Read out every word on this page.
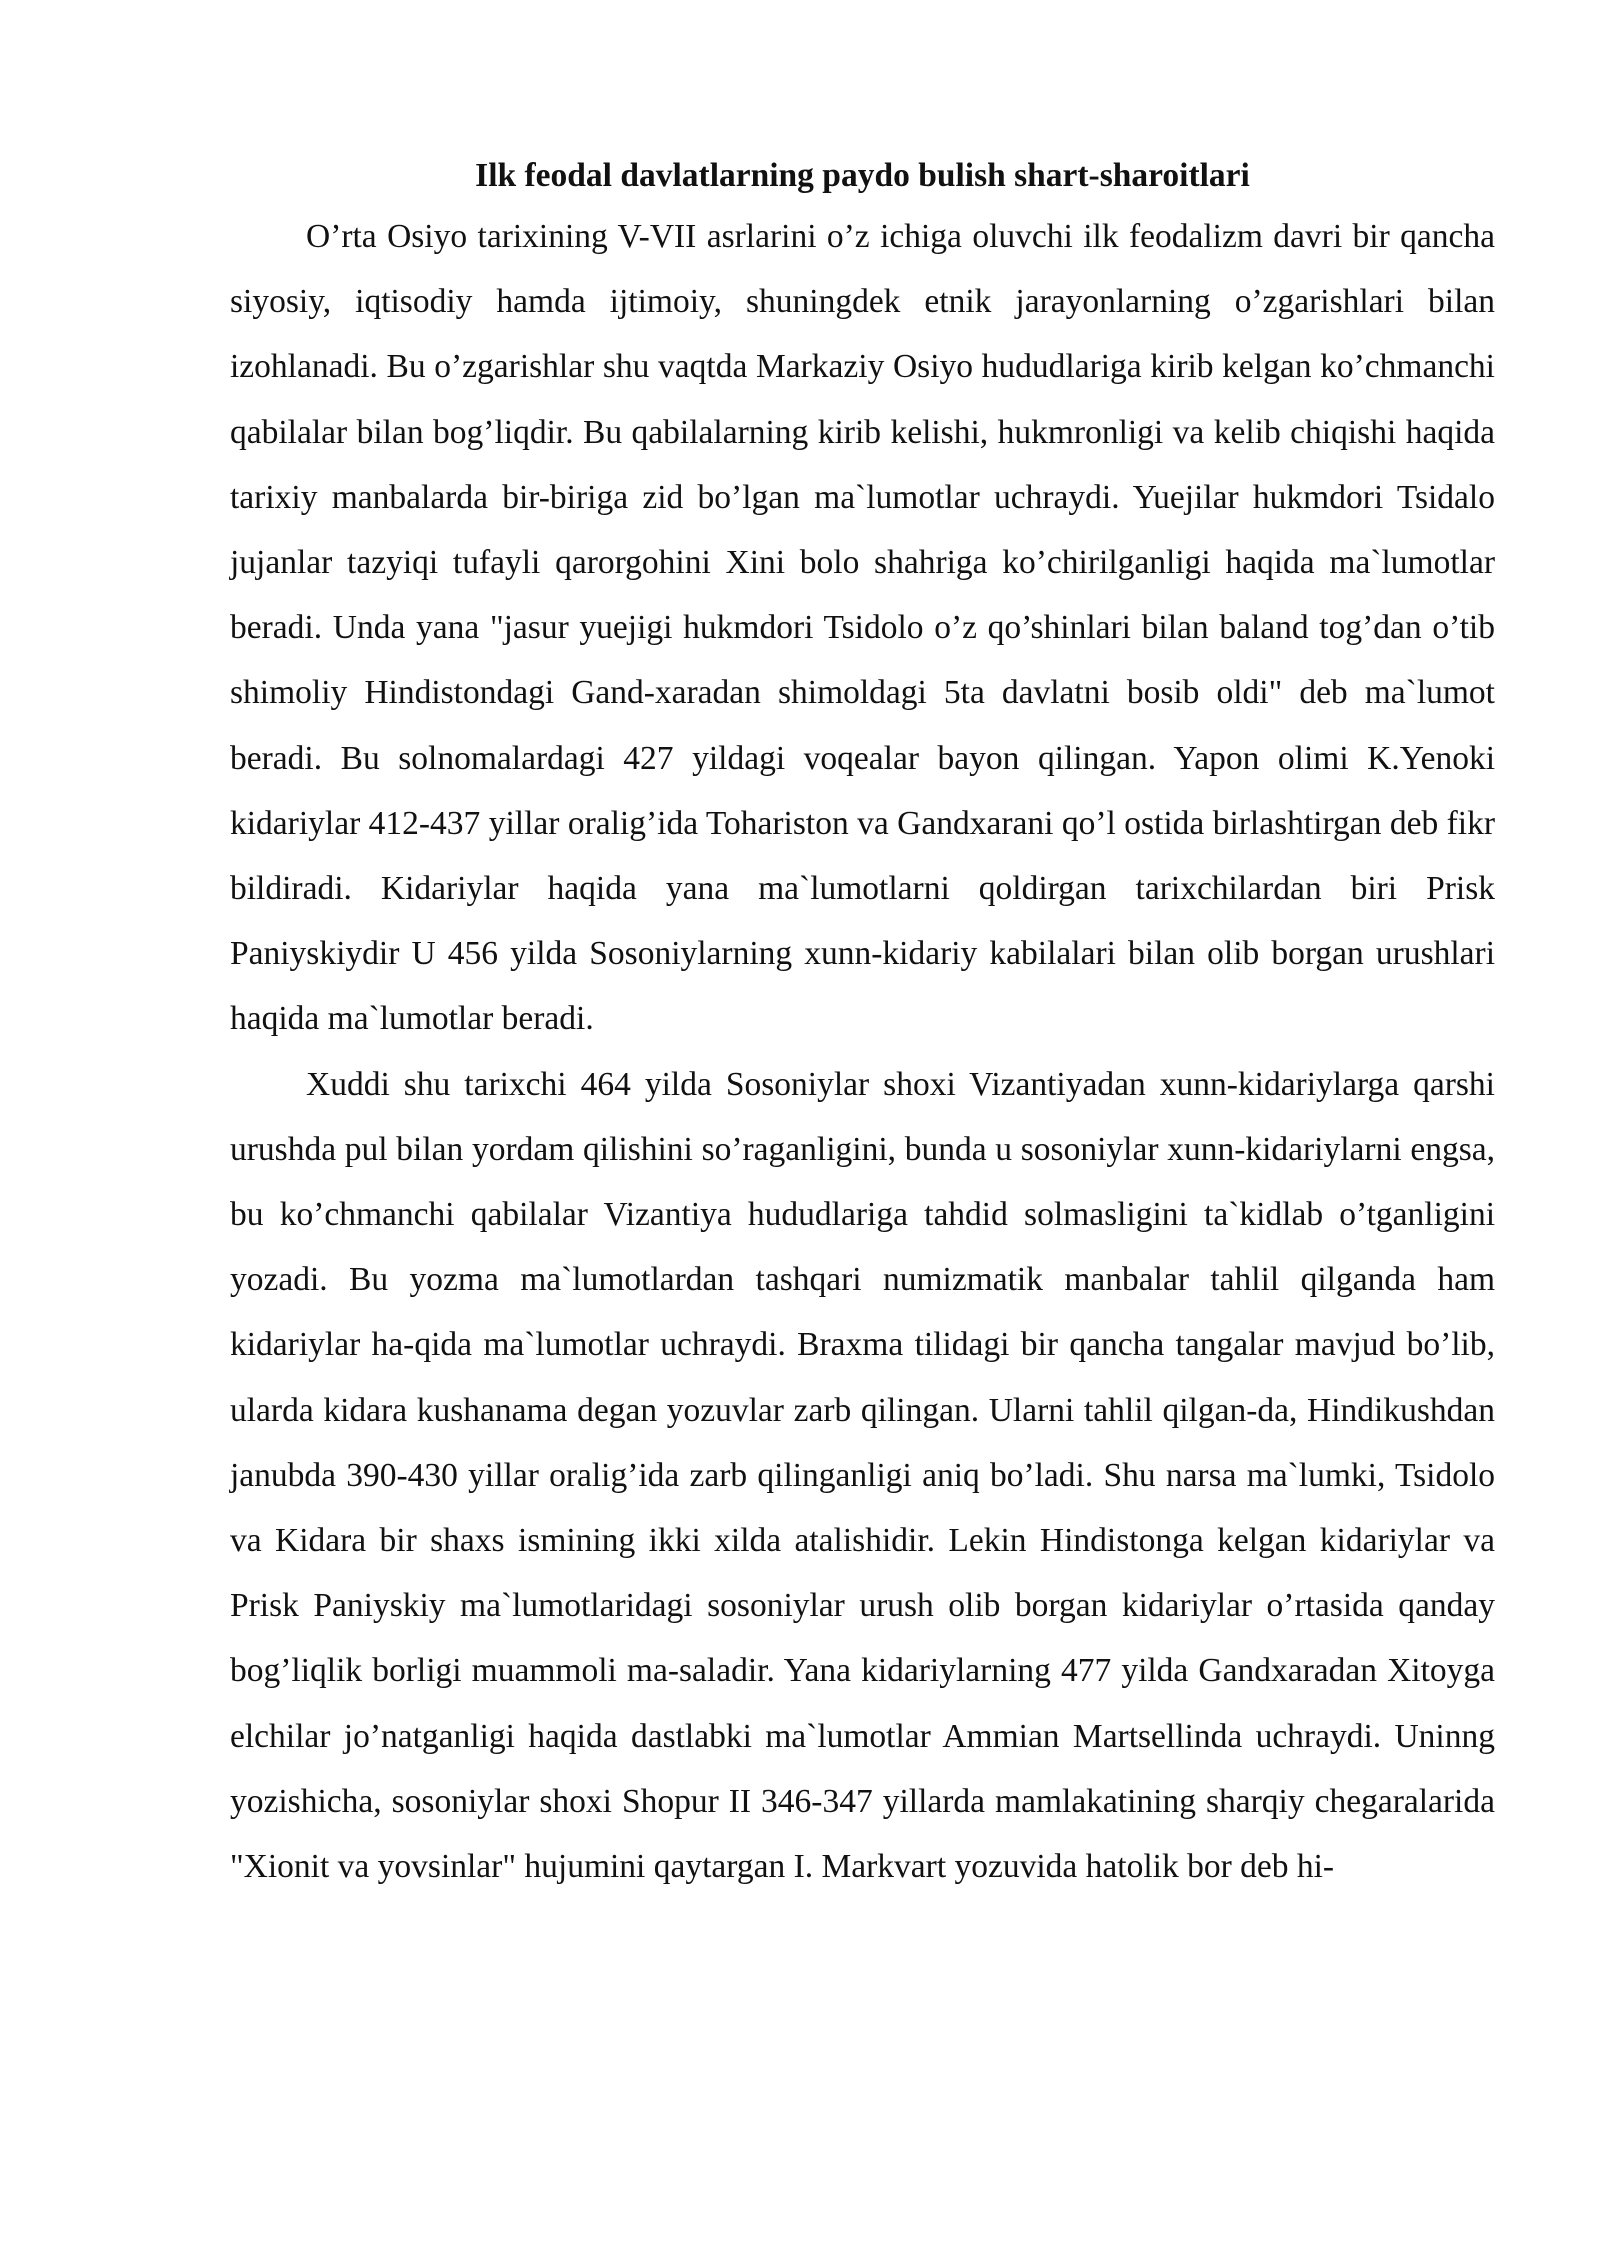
Ilk feodal davlatlarning paydo bulish shart-sharoitlari

O’rta Osiyo tarixining V-VII asrlarini o’z ichiga oluvchi ilk feodalizm davri bir qancha siyosiy, iqtisodiy hamda ijtimoiy, shuningdek etnik jarayonlarning o’zgarishlari bilan izohlanadi. Bu o’zgarishlar shu vaqtda Markaziy Osiyo hududlariga kirib kelgan ko’chmanchi qabilalar bilan bog’liqdir. Bu qabilalarning kirib kelishi, hukmronligi va kelib chiqishi haqida tarixiy manbalarda bir-biriga zid bo’lgan ma`lumotlar uchraydi. Yuejilar hukmdori Tsidalo jujanlar tazyiqi tufayli qarorgohini Xini bolo shahriga ko’chirilganligi haqida ma`lumotlar beradi. Unda yana "jasur yuejigi hukmdori Tsidolo o’z qo’shinlari bilan baland tog’dan o’tib shimoliy Hindistondagi Gand-xaradan shimoldagi 5ta davlatni bosib oldi" deb ma`lumot beradi. Bu solnomalardagi 427 yildagi voqealar bayon qilingan. Yapon olimi K.Yenoki kidariylar 412-437 yillar oralig’ida Tohariston va Gandxarani qo’l ostida birlashtirgan deb fikr bildiradi. Kidariylar haqida yana ma`lumotlarni qoldirgan tarixchilardan biri Prisk Paniyskiydir U 456 yilda Sosoniylarning xunn-kidariy kabilalari bilan olib borgan urushlari haqida ma`lumotlar beradi.

Xuddi shu tarixchi 464 yilda Sosoniylar shoxi Vizantiyadan xunn-kidariylarga qarshi urushda pul bilan yordam qilishini so’raganligini, bunda u sosoniylar xunn-kidariylarni engsa, bu ko’chmanchi qabilalar Vizantiya hududlariga tahdid solmasligini ta`kidlab o’tganligini yozadi. Bu yozma ma`lumotlardan tashqari numizmatik manbalar tahlil qilganda ham kidariylar ha-qida ma`lumotlar uchraydi. Braxma tilidagi bir qancha tangalar mavjud bo’lib, ularda kidara kushanama degan yozuvlar zarb qilingan. Ularni tahlil qilgan-da, Hindikushdan janubda 390-430 yillar oralig’ida zarb qilinganligi aniq bo’ladi. Shu narsa ma`lumki, Tsidolo va Kidara bir shaxs ismining ikki xilda atalishidir. Lekin Hindistonga kelgan kidariylar va Prisk Paniyskiy ma`lumotlaridagi sosoniylar urush olib borgan kidariylar o’rtasida qanday bog’liqlik borligi muammoli ma-saladir. Yana kidariylarning 477 yilda Gandxaradan Xitoyga elchilar jo’natganligi haqida dastlabki ma`lumotlar Ammian Martsellinda uchraydi. Uninng yozishicha, sosoniylar shoxi Shopur II 346-347 yillarda mamlakatining sharqiy chegaralarida "Xionit va yovsinlar" hujumini qaytargan I. Markvart yozuvida hatolik bor deb hi-
